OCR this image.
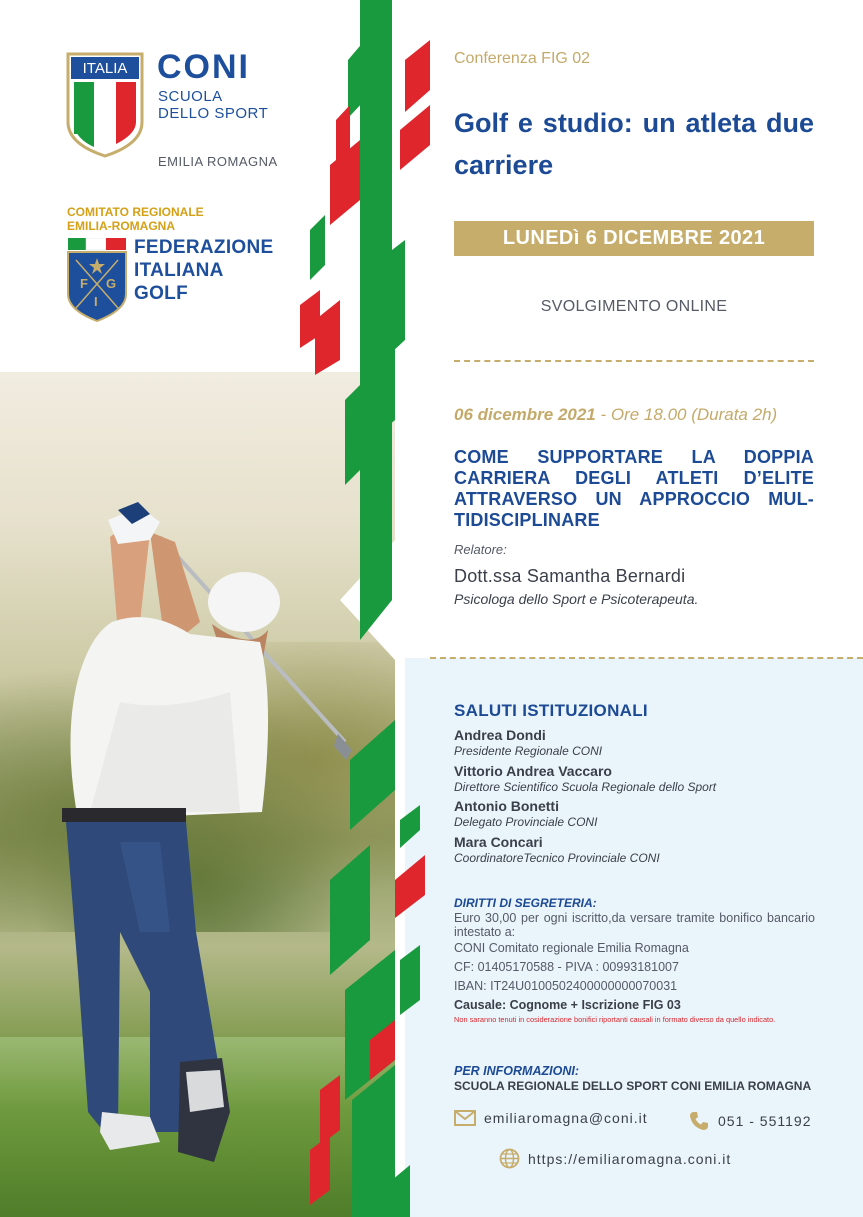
ITALIA CONI
SCUOLA
DELLO SPORT
EMILIA ROMAGNA
COMITATO REGIONALE
EMILIA-ROMAGNA
F G
I
FEDERAZIONE
ITALIANA
GOLF
Conferenza FIG 02
Golf e studio: un atleta due carriere
LUNEDì 6 DICEMBRE 2021
SVOLGIMENTO ONLINE
06 dicembre 2021 - Ore 18.00 (Durata 2h)
COME SUPPORTARE LA DOPPIA CARRIERA DEGLI ATLETI D’ELITE ATTRAVERSO UN APPROCCIO MUL-TIDISCIPLINARE
Relatore:
Dott.ssa Samantha Bernardi
Psicologa dello Sport e Psicoterapeuta.
SALUTI ISTITUZIONALI
Andrea Dondi
Presidente Regionale CONI
Vittorio Andrea Vaccaro
Direttore Scientifico Scuola Regionale dello Sport
Antonio Bonetti
Delegato Provinciale CONI
Mara Concari
CoordinatoreTecnico Provinciale CONI
DIRITTI DI SEGRETERIA:
Euro 30,00 per ogni iscritto,da versare tramite bonifico bancario intestato a:
CONI Comitato regionale Emilia Romagna
CF: 01405170588 - PIVA : 00993181007
IBAN: IT24U0100502400000000070031
Causale: Cognome + Iscrizione FIG 03
Non saranno tenuti in cosiderazione bonifici riportanti causali in formato diverso da quello indicato.
PER INFORMAZIONI:
SCUOLA REGIONALE DELLO SPORT CONI EMILIA ROMAGNA
emiliaromagna@coni.it	051 - 551192
https://emiliaromagna.coni.it
